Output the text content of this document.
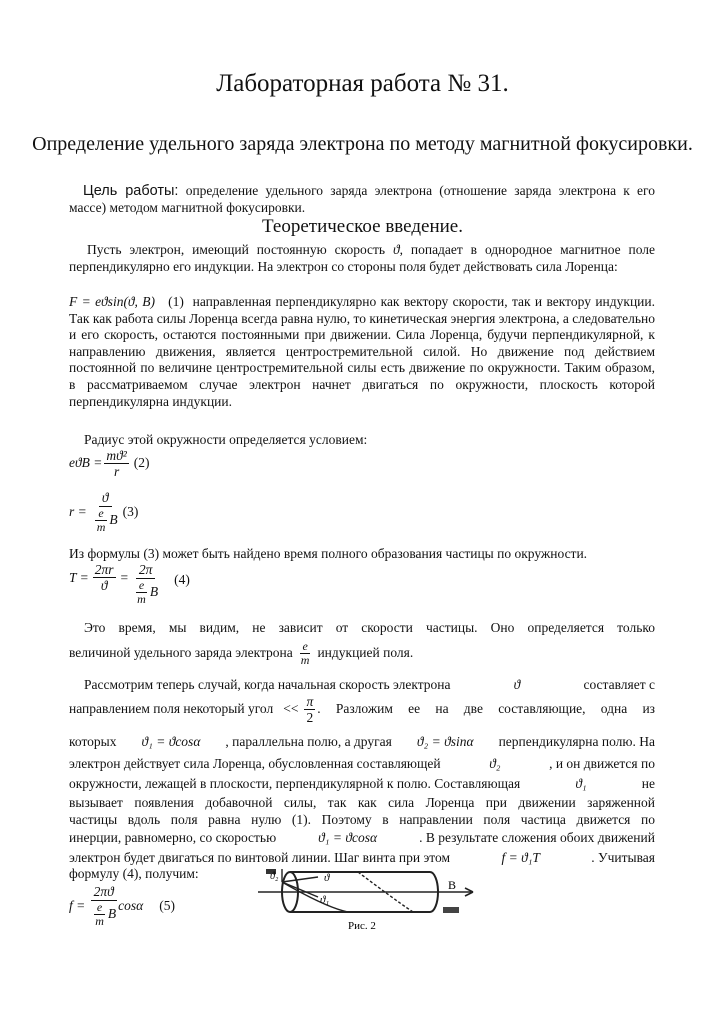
Лабораторная работа № 31.
Определение удельного заряда электрона по методу магнитной фокусировки.
Цель работы: определение удельного заряда электрона (отношение заряда электрона к его массе) методом магнитной фокусировки.
Теоретическое введение.
Пусть электрон, имеющий постоянную скорость ϑ, попадает в однородное магнитное поле перпендикулярно его индукции. На электрон со стороны поля будет действовать сила Лоренца:
F = eϑsin(ϑ, B) (1) направленная перпендикулярно как вектору скорости, так и вектору индукции. Так как работа силы Лоренца всегда равна нулю, то кинетическая энергия электрона, а следовательно и его скорость, остаются постоянными при движении. Сила Лоренца, будучи перпендикулярной, к направлению движения, является центростремительной силой. Но движение под действием постоянной по величине центростремительной силы есть движение по окружности. Таким образом, в рассматриваемом случае электрон начнет двигаться по окружности, плоскость которой перпендикулярна индукции.
Радиус этой окружности определяется условием:
$eϑB = \frac{\text{mϑ²}}{r} (2)$
$r = \frac{ϑ}{\frac{e}{m} B} (3)$
Из формулы (3) может быть найдено время полного образования частицы по окружности.
$T = \frac{2\pi r}{ϑ} = \frac{2\pi}{\frac{e}{m} B} (4)$
Это время, мы видим, не зависит от скорости частицы. Оно определяется только
величиной удельного заряда электрона $\frac{e}{m}$ индукцией поля.
Рассмотрим теперь случай, когда начальная скорость электрона	ϑ	составляет с
направлением поля некоторый угол << $\frac{\pi}{2}$ . Разложим ее на две составляющие, одна из
которых ϑ₁ = ϑcosα , параллельна полю, а другая ϑ₂ = ϑsinα перпендикулярна полю. На
электрон действует сила Лоренца, обусловленная составляющей	ϑ₂	, и он движется по
окружности, лежащей в плоскости, перпендикулярной к полю. Составляющая	ϑ₁	не
вызывает появления добавочной силы, так как сила Лоренца при движении заряженной
частицы вдоль поля равна нулю (1). Поэтому в направлении поля частица движется по
инерции, равномерно, со скоростью	ϑ₁ = ϑcosα	. В результате сложения обоих движений
электрон будет двигаться по винтовой линии. Шаг винта при этом	f = ϑ₁T	. Учитывая
формулу (4), получим:
$f = \frac{2\pi ϑ}{\frac{e}{m} B}$ cosα (5)
ϑ
ϑ₁
ϑ₂
B
Рис. 2
